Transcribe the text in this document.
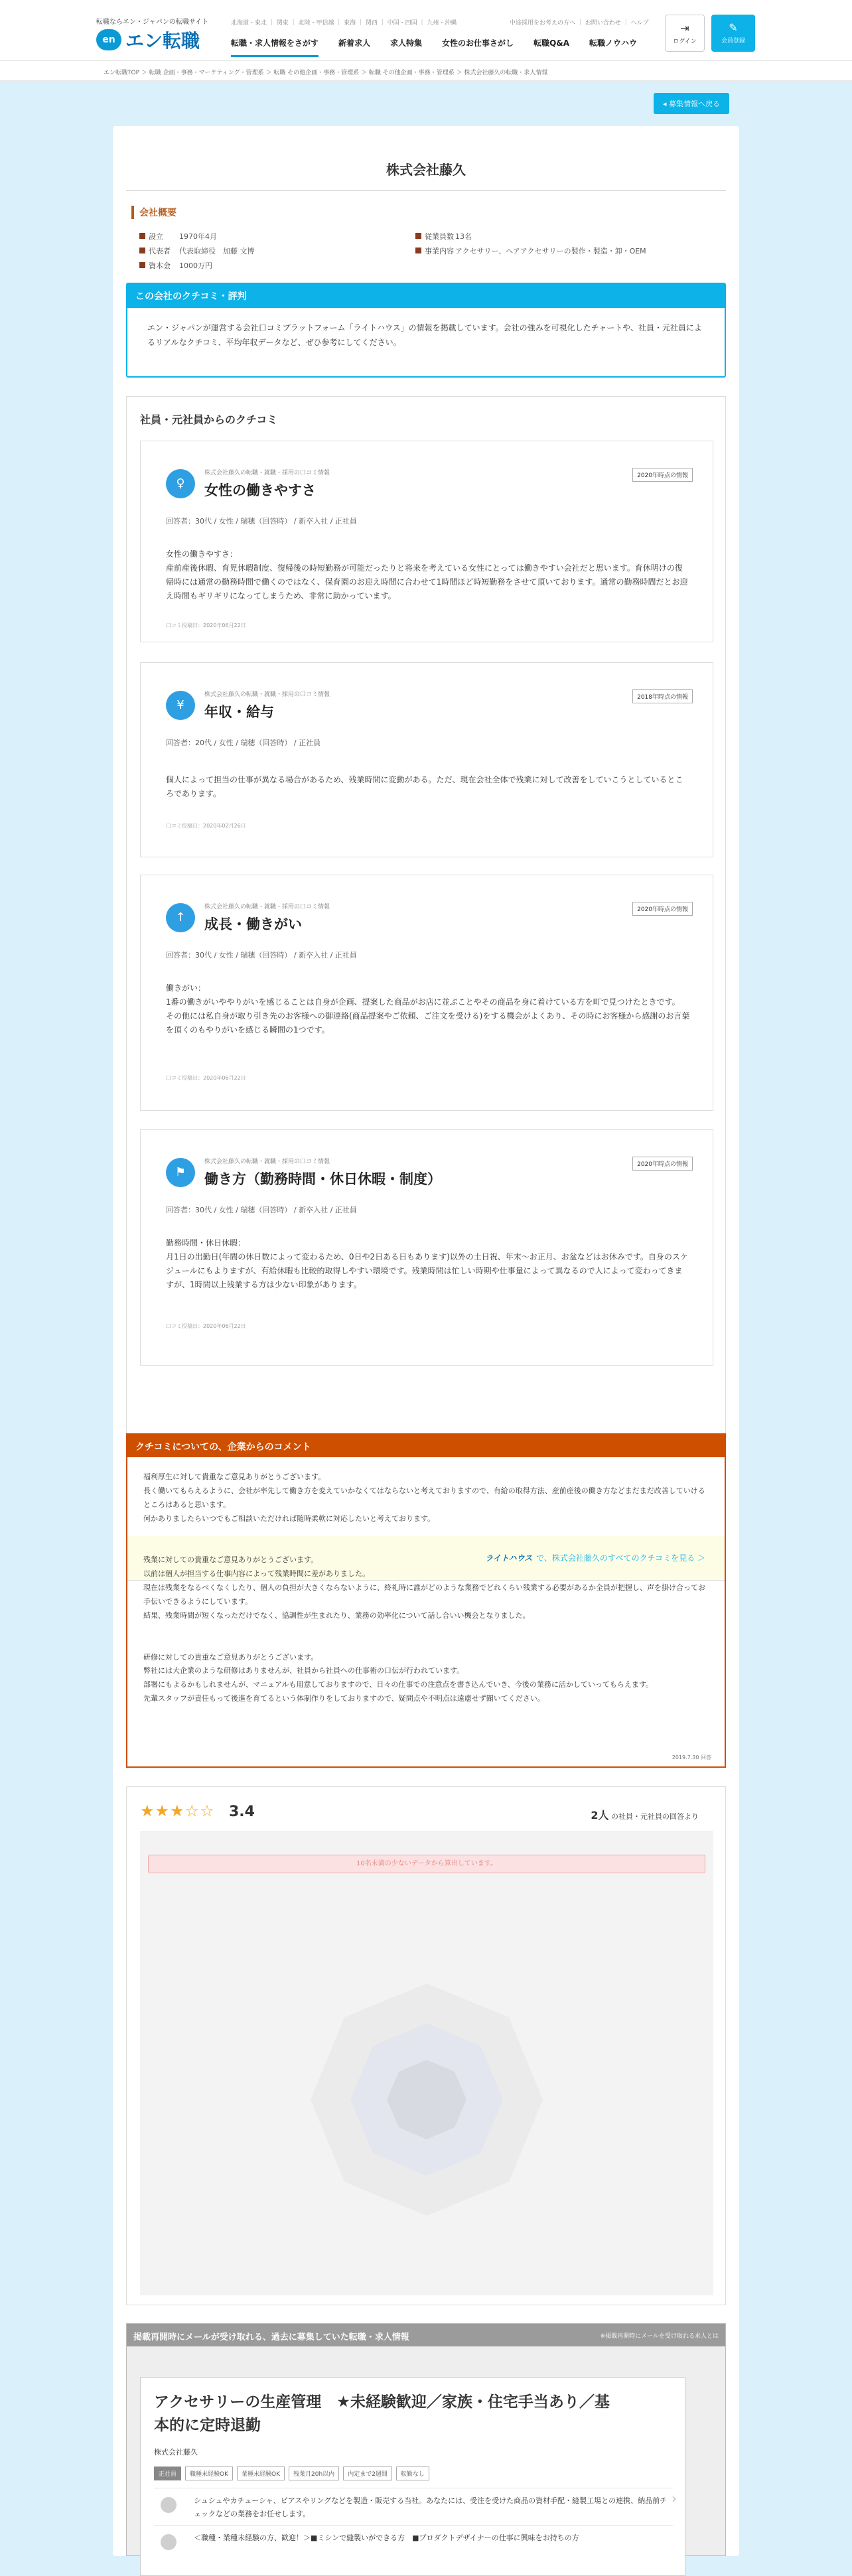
転職ならエン・ジャパンの転職サイト
en エン転職
北海道・東北 ｜ 関東 ｜ 北陸・甲信越 ｜ 東海 ｜ 関西 ｜ 中国・四国 ｜ 九州・沖縄	中途採用をお考えの方へ ｜ お問い合わせ ｜ ヘルプ
転職・求人情報をさがす	新着求人	求人特集	女性のお仕事さがし	転職Q&A	転職ノウハウ
⇥
ログイン
✎
会員登録
エン転職TOP ＞ 転職 企画・事務・マーケティング・管理系 ＞ 転職 その他企画・事務・管理系 ＞ 転職 その他企画・事務・管理系 ＞ 株式会社藤久の転職・求人情報
◂ 募集情報へ戻る
株式会社藤久
会社概要
設立 1970年4月	従業員数 13名
代表者 代表取締役　加藤 文博	事業内容 アクセサリー、ヘアアクセサリーの製作・製造・卸・OEM
資本金 1000万円
この会社のクチコミ・評判
エン・ジャパンが運営する会社口コミプラットフォーム「ライトハウス」の情報を掲載しています。会社の強みを可視化したチャートや、社員・元社員によるリアルなクチコミ、平均年収データなど、ぜひ参考にしてください。
社員・元社員からのクチコミ
♀
株式会社藤久の転職・就職・採用の口コミ情報
女性の働きやすさ
2020年時点の情報
回答者：30代 / 女性 / 瑞穂（回答時） / 新卒入社 / 正社員
女性の働きやすさ：
産前産後休暇、育児休暇制度、復帰後の時短勤務が可能だったりと将来を考えている女性にとっては働きやすい会社だと思います。育休明けの復帰時には通常の勤務時間で働くのではなく、保育園のお迎え時間に合わせて1時間ほど時短勤務をさせて頂いております。通常の勤務時間だとお迎え時間もギリギリになってしまうため、非常に助かっています。
口コミ投稿日：2020年06月22日
¥
株式会社藤久の転職・就職・採用の口コミ情報
年収・給与
2018年時点の情報
回答者：20代 / 女性 / 瑞穂（回答時） / 正社員
個人によって担当の仕事が異なる場合があるため、残業時間に変動がある。ただ、現在会社全体で残業に対して改善をしていこうとしているところであります。
口コミ投稿日：2020年02月26日
↑
株式会社藤久の転職・就職・採用の口コミ情報
成長・働きがい
2020年時点の情報
回答者：30代 / 女性 / 瑞穂（回答時） / 新卒入社 / 正社員
働きがい：
1番の働きがいややりがいを感じることは自身が企画、提案した商品がお店に並ぶことやその商品を身に着けている方を町で見つけたときです。
その他には私自身が取り引き先のお客様への御連絡(商品提案やご依頼、ご注文を受ける)をする機会がよくあり、その時にお客様から感謝のお言葉を頂くのもやりがいを感じる瞬間の1つです。
口コミ投稿日：2020年06月22日
⚑
株式会社藤久の転職・就職・採用の口コミ情報
働き方（勤務時間・休日休暇・制度）
2020年時点の情報
回答者：30代 / 女性 / 瑞穂（回答時） / 新卒入社 / 正社員
勤務時間・休日休暇：
月1日の出勤日(年間の休日数によって変わるため、0日や2日ある日もあります)以外の土日祝、年末〜お正月、お盆などはお休みです。自身のスケジュールにもよりますが、有給休暇も比較的取得しやすい環境です。残業時間は忙しい時期や仕事量によって異なるので人によって変わってきますが、1時間以上残業する方は少ない印象があります。
口コミ投稿日：2020年06月22日
ライトハウス で、株式会社藤久のすべてのクチコミを見る ＞
クチコミについての、企業からのコメント
福利厚生に対して貴重なご意見ありがとうございます。
長く働いてもらえるように、会社が率先して働き方を変えていかなくてはならないと考えておりますので、有給の取得方法、産前産後の働き方などまだまだ改善していけるところはあると思います。
何かありましたらいつでもご相談いただければ随時柔軟に対応したいと考えております。

残業に対しての貴重なご意見ありがとうございます。
以前は個人が担当する仕事内容によって残業時間に差がありました。
現在は残業をなるべくなくしたり、個人の負担が大きくならないように、終礼時に誰がどのような業務でどれくらい残業する必要があるか全員が把握し、声を掛け合ってお手伝いできるようにしています。
結果、残業時間が短くなっただけでなく、協調性が生まれたり、業務の効率化について話し合いい機会となりました。

研修に対しての貴重なご意見ありがとうございます。
弊社には大企業のような研修はありませんが、社員から社員への仕事術の口伝が行われています。
部署にもよるかもしれませんが、マニュアルも用意しておりますので、日々の仕事での注意点を書き込んでいき、今後の業務に活かしていってもらえます。
先輩スタッフが責任もって後進を育てるという体制作りをしておりますので、疑問点や不明点は遠慮せず聞いてください。
2019.7.30 回答
★★★☆☆ 3.4	2人 の社員・元社員の回答より
10名未満の少ないデータから算出しています。
掲載再開時にメールが受け取れる、過去に募集していた転職・求人情報	※掲載再開時にメールを受け取れる求人とは
アクセサリーの生産管理　★未経験歓迎／家族・住宅手当あり／基本的に定時退勤
株式会社藤久
正社員	職種未経験OK	業種未経験OK	残業月20h以内	内定まで2週間	転勤なし
シュシュやカチューシャ、ピアスやリングなどを製造・販売する当社。あなたには、受注を受けた商品の資材手配・縫製工場との連携、納品前チェックなどの業務をお任せします。
＜職種・業種未経験の方、歓迎！＞■ミシンで縫製いができる方　■プロダクトデザイナーの仕事に興味をお持ちの方
›
